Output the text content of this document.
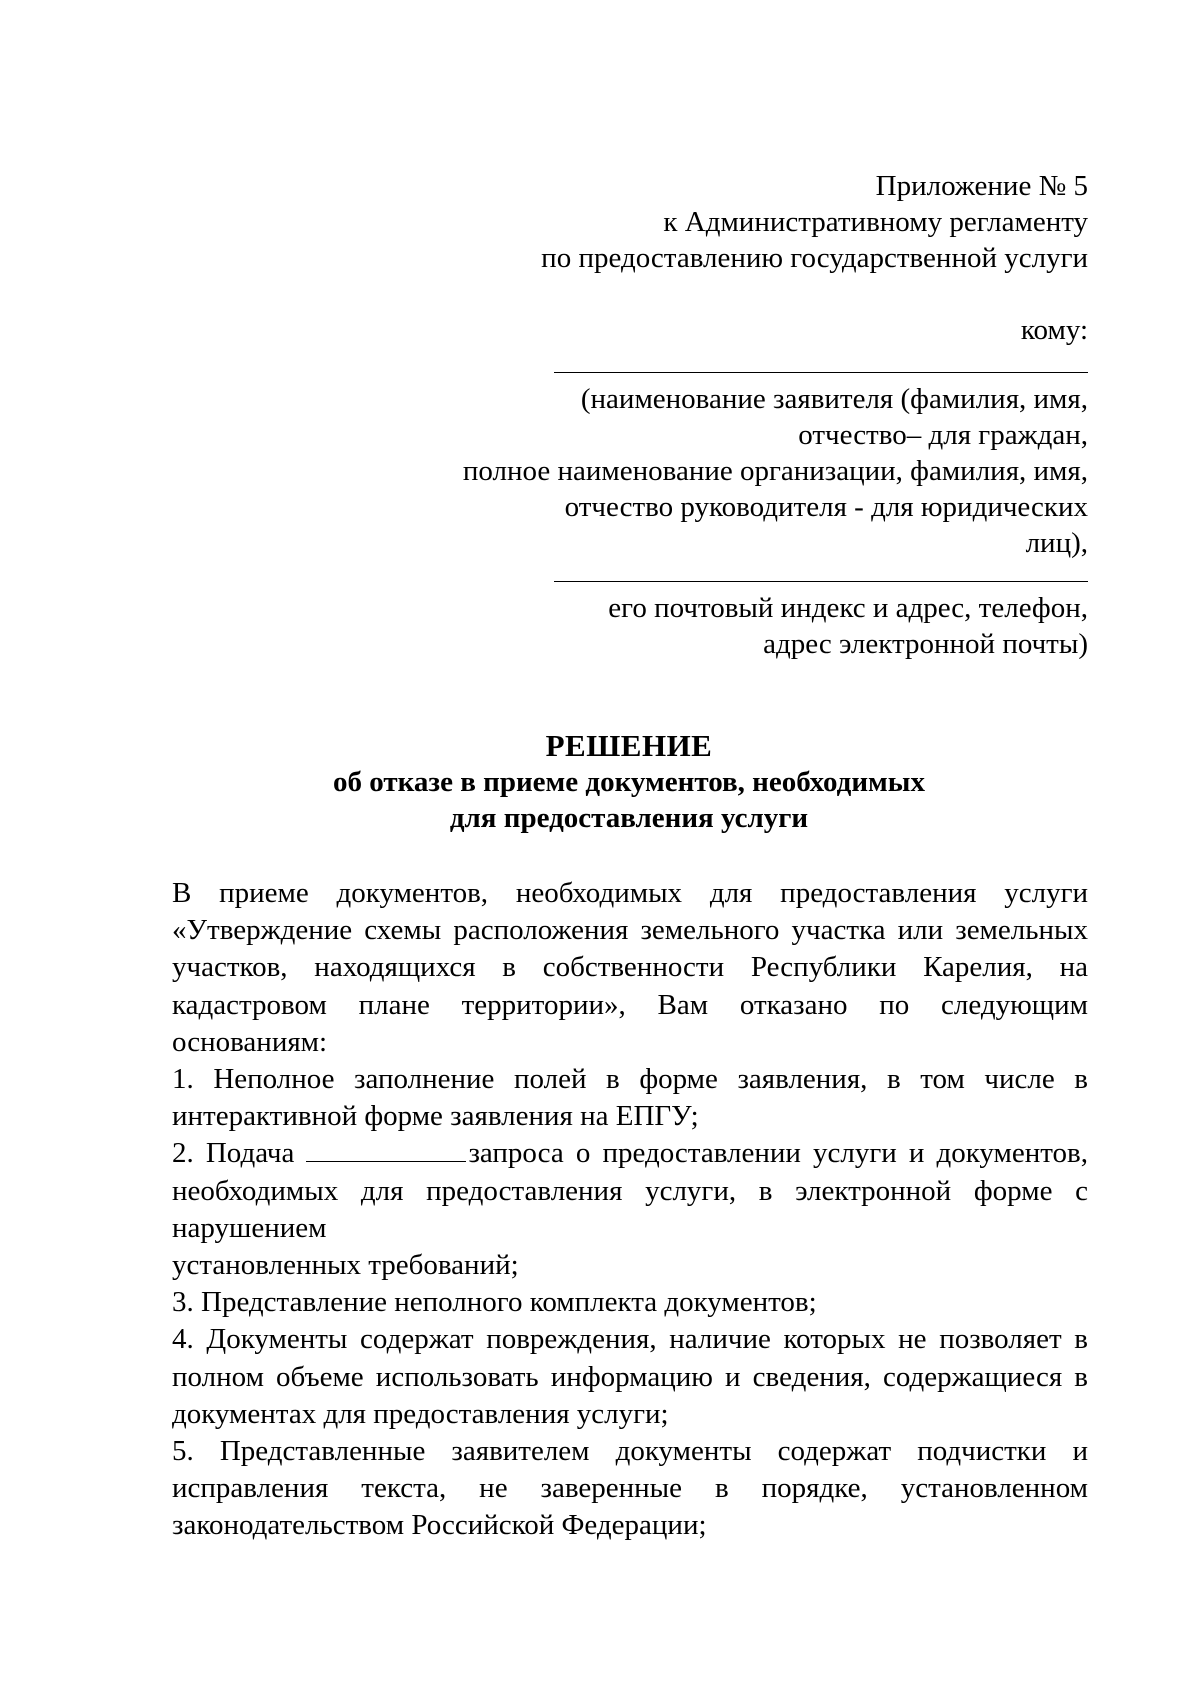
Приложение № 5
к Административному регламенту
по предоставлению государственной услуги
кому:
(наименование заявителя (фамилия, имя,
отчество– для граждан,
полное наименование организации, фамилия, имя,
отчество руководителя - для юридических
лиц),
его почтовый индекс и адрес, телефон,
адрес электронной почты)
РЕШЕНИЕ
об отказе в приеме документов, необходимых
для предоставления услуги

В приеме документов, необходимых для предоставления услуги «Утверждение схемы расположения земельного участка или земельных участков, находящихся в собственности Республики Карелия, на кадастровом плане территории», Вам отказано по следующим основаниям:

1. Неполное заполнение полей в форме заявления, в том числе в интерактивной форме заявления на ЕПГУ;

2. Подача	запроса о предоставлении услуги и документов, необходимых для предоставления услуги, в электронной форме с нарушением

установленных требований;

3. Представление неполного комплекта документов;

4. Документы содержат повреждения, наличие которых не позволяет в полном объеме использовать информацию и сведения, содержащиеся в документах для предоставления услуги;

5. Представленные заявителем документы содержат подчистки и исправления текста, не заверенные в порядке, установленном законодательством Российской Федерации;
